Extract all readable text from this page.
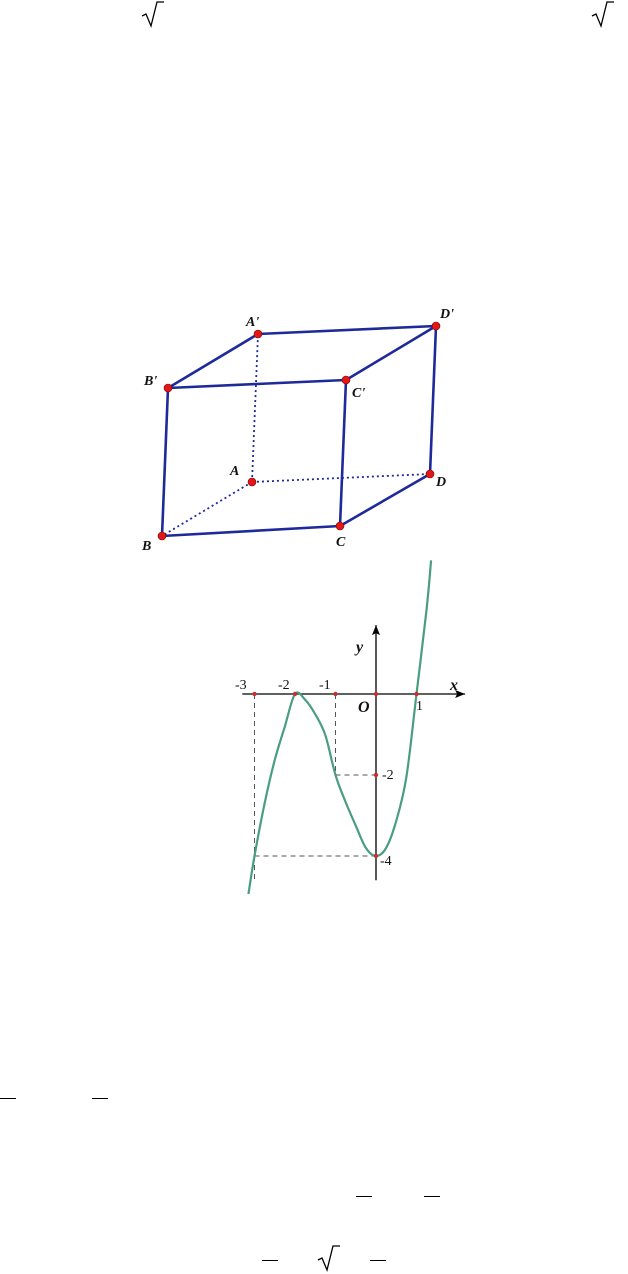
A'
D'
B'
C'
A
D
B	C
y
x
O
-3 -2 -1
1
-2
-4
